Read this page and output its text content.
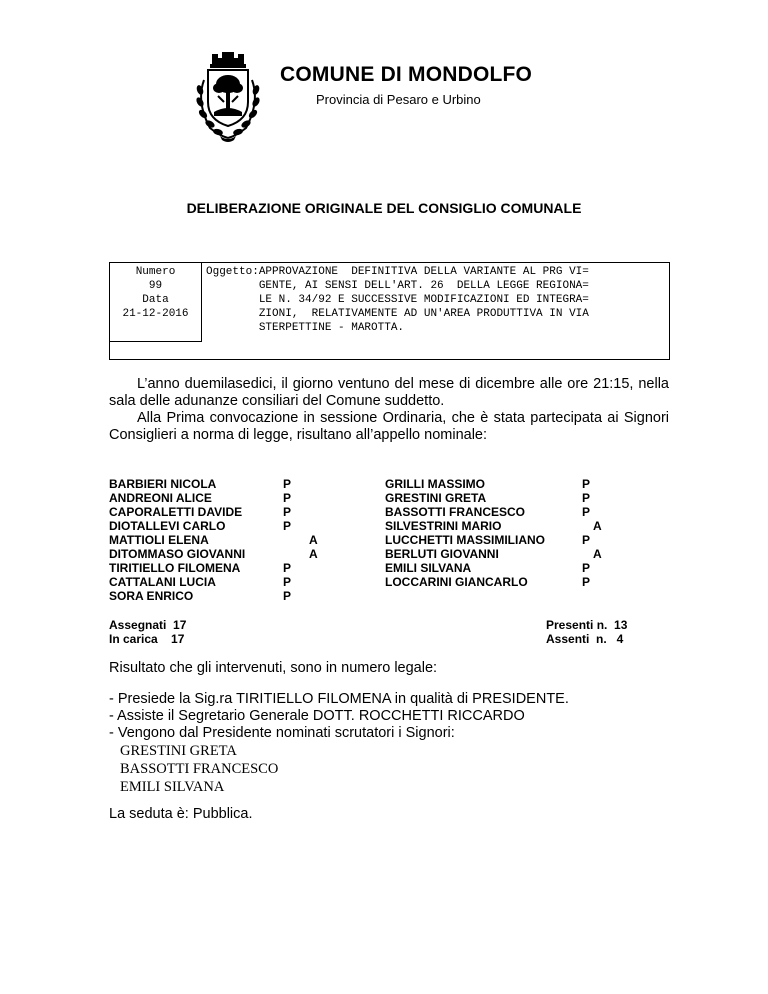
COMUNE DI MONDOLFO
Provincia di Pesaro e Urbino
DELIBERAZIONE ORIGINALE DEL CONSIGLIO COMUNALE
Numero
99
Data
21-12-2016
Oggetto:APPROVAZIONE  DEFINITIVA DELLA VARIANTE AL PRG VI=
GENTE, AI SENSI DELL'ART. 26  DELLA LEGGE REGIONA=
LE N. 34/92 E SUCCESSIVE MODIFICAZIONI ED INTEGRA=
ZIONI,  RELATIVAMENTE AD UN'AREA PRODUTTIVA IN VIA
STERPETTINE - MAROTTA.
L’anno duemilasedici, il giorno ventuno del mese di dicembre alle ore 21:15, nella sala delle adunanze consiliari del Comune suddetto.
Alla Prima convocazione in sessione Ordinaria, che è stata partecipata ai Signori Consiglieri a norma di legge, risultano all’appello nominale:
BARBIERI NICOLA
ANDREONI ALICE
CAPORALETTI DAVIDE
DIOTALLEVI CARLO
MATTIOLI ELENA
DITOMMASO GIOVANNI
TIRITIELLO FILOMENA
CATTALANI LUCIA
SORA ENRICO
P
P
P
P
A
A
P
P
P
GRILLI MASSIMO
GRESTINI GRETA
BASSOTTI FRANCESCO
SILVESTRINI MARIO
LUCCHETTI MASSIMILIANO
BERLUTI GIOVANNI
EMILI SILVANA
LOCCARINI GIANCARLO
P
P
P
A
P
A
P
P
Assegnati  17
In carica    17
Presenti n.  13
Assenti  n.   4
Risultato che gli intervenuti, sono in numero legale:
- Presiede la Sig.ra TIRITIELLO FILOMENA in qualità di PRESIDENTE.
- Assiste il Segretario Generale DOTT. ROCCHETTI RICCARDO
- Vengono dal Presidente nominati scrutatori i Signori:
GRESTINI GRETA
BASSOTTI FRANCESCO
EMILI SILVANA
La seduta è: Pubblica.
